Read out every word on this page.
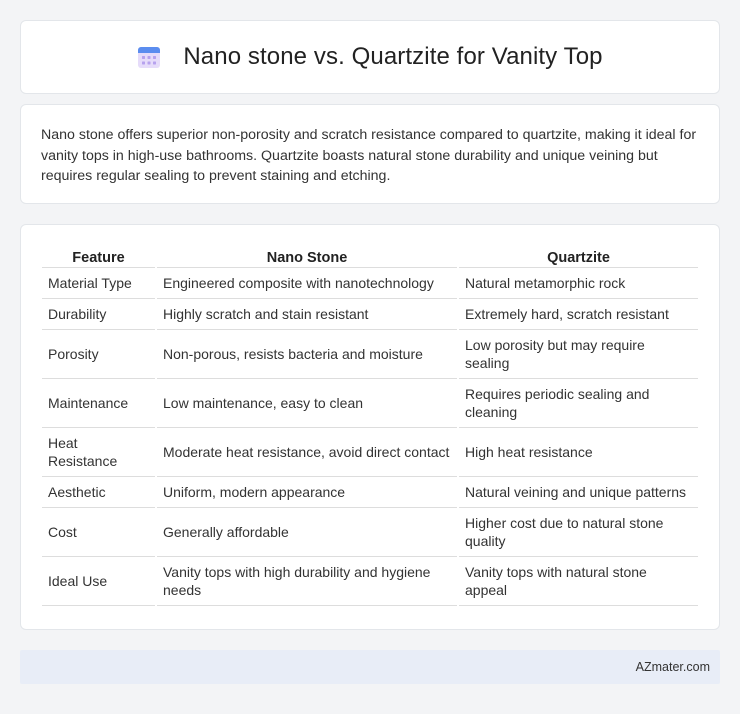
Nano stone vs. Quartzite for Vanity Top

Nano stone offers superior non-porosity and scratch resistance compared to quartzite, making it ideal for vanity tops in high-use bathrooms. Quartzite boasts natural stone durability and unique veining but requires regular sealing to prevent staining and etching.

Feature	Nano Stone	Quartzite
Material Type	Engineered composite with nanotechnology	Natural metamorphic rock
Durability	Highly scratch and stain resistant	Extremely hard, scratch resistant
Porosity	Non-porous, resists bacteria and moisture	Low porosity but may require sealing
Maintenance	Low maintenance, easy to clean	Requires periodic sealing and cleaning
Heat Resistance	Moderate heat resistance, avoid direct contact	High heat resistance
Aesthetic	Uniform, modern appearance	Natural veining and unique patterns
Cost	Generally affordable	Higher cost due to natural stone quality
Ideal Use	Vanity tops with high durability and hygiene needs	Vanity tops with natural stone appeal
AZmater.com
